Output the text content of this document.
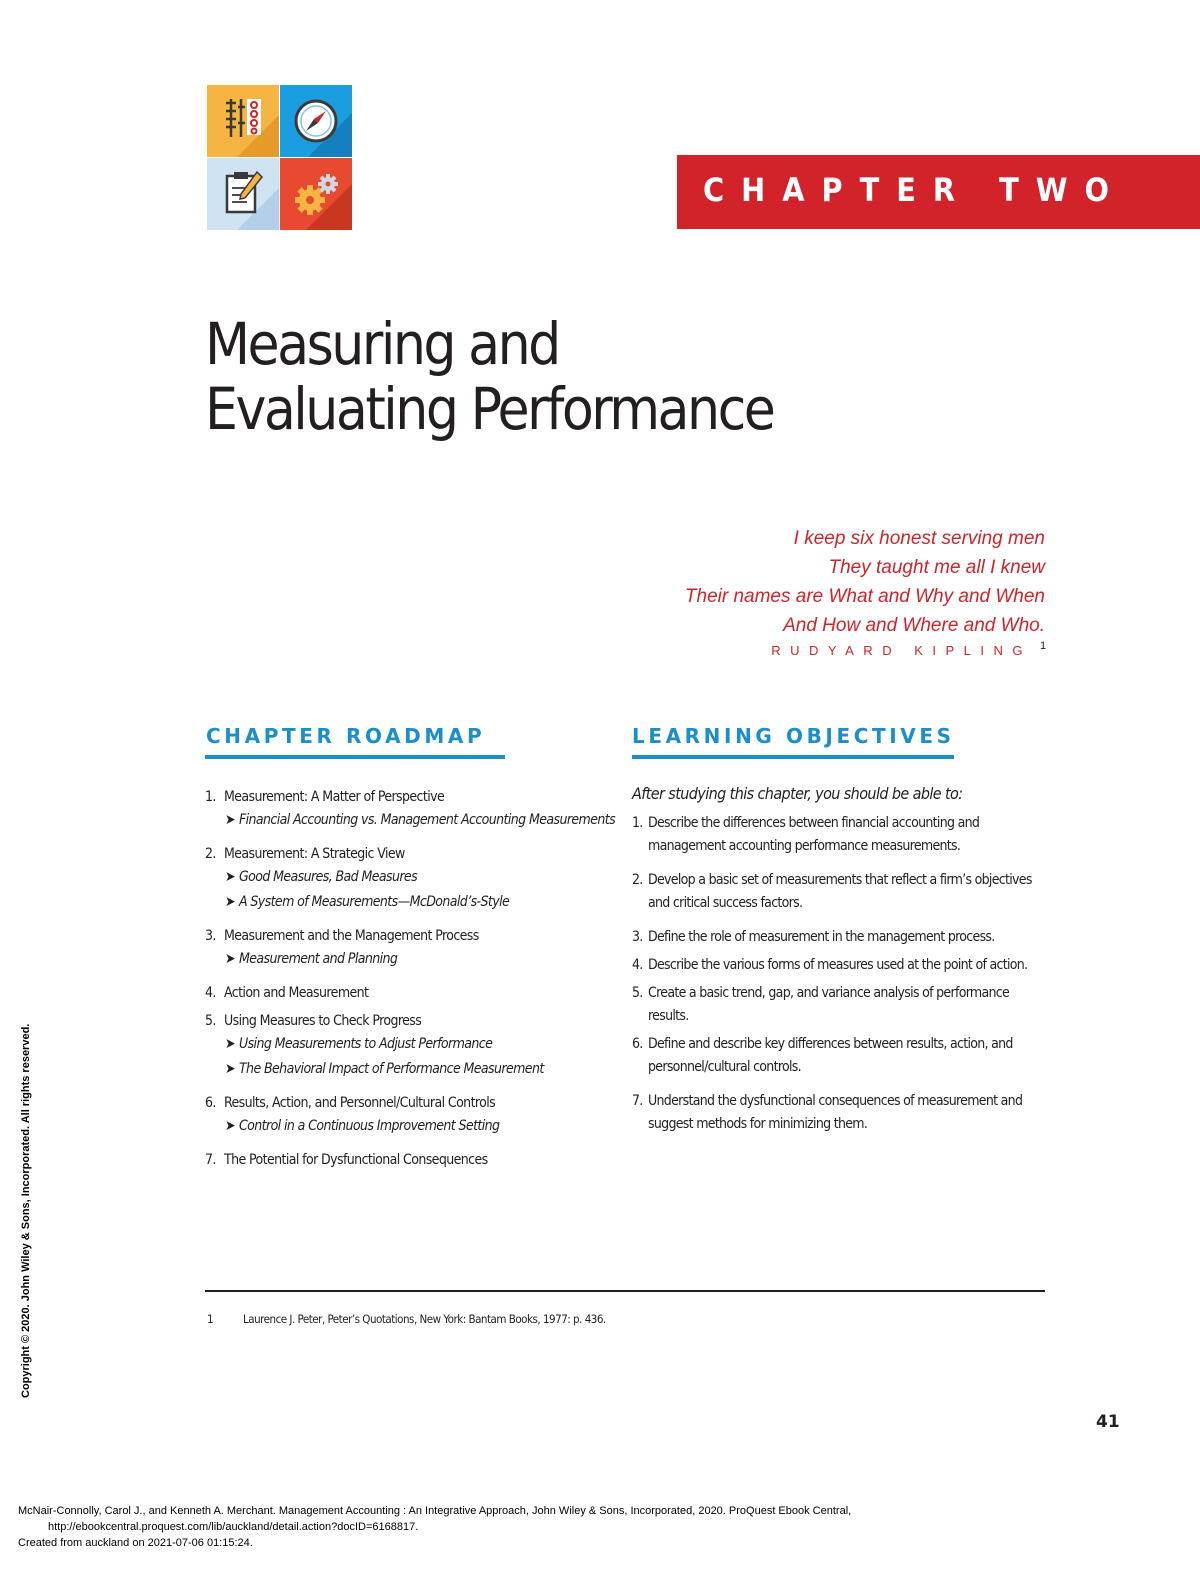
CHAPTER TWO
Measuring and
Evaluating Performance

I keep six honest serving men

They taught me all I knew

Their names are What and Why and When

And How and Where and Who.

RUDYARD KIPLING 1
CHAPTER ROADMAP
1. Measurement: A Matter of Perspective
➤ Financial Accounting vs. Management Accounting Measurements
2. Measurement: A Strategic View
➤ Good Measures, Bad Measures
➤ A System of Measurements—McDonald’s-Style
3. Measurement and the Management Process
➤ Measurement and Planning
4. Action and Measurement
5. Using Measures to Check Progress
➤ Using Measurements to Adjust Performance
➤ The Behavioral Impact of Performance Measurement
6. Results, Action, and Personnel/Cultural Controls
➤ Control in a Continuous Improvement Setting
7. The Potential for Dysfunctional Consequences
LEARNING OBJECTIVES

After studying this chapter, you should be able to:

1. Describe the differences between financial accounting and management accounting performance measurements.

2. Develop a basic set of measurements that reflect a firm’s objectives and critical success factors.

3. Define the role of measurement in the management process.

4. Describe the various forms of measures used at the point of action.

5. Create a basic trend, gap, and variance analysis of performance results.

6. Define and describe key differences between results, action, and personnel/cultural controls.

7. Understand the dysfunctional consequences of measurement and suggest methods for minimizing them.

1	Laurence J. Peter, Peter’s Quotations, New York: Bantam Books, 1977: p. 436.
41
Copyright © 2020. John Wiley & Sons, Incorporated. All rights reserved.

McNair-Connolly, Carol J., and Kenneth A. Merchant. Management Accounting : An Integrative Approach, John Wiley & Sons, Incorporated, 2020. ProQuest Ebook Central,

http://ebookcentral.proquest.com/lib/auckland/detail.action?docID=6168817.

Created from auckland on 2021-07-06 01:15:24.
